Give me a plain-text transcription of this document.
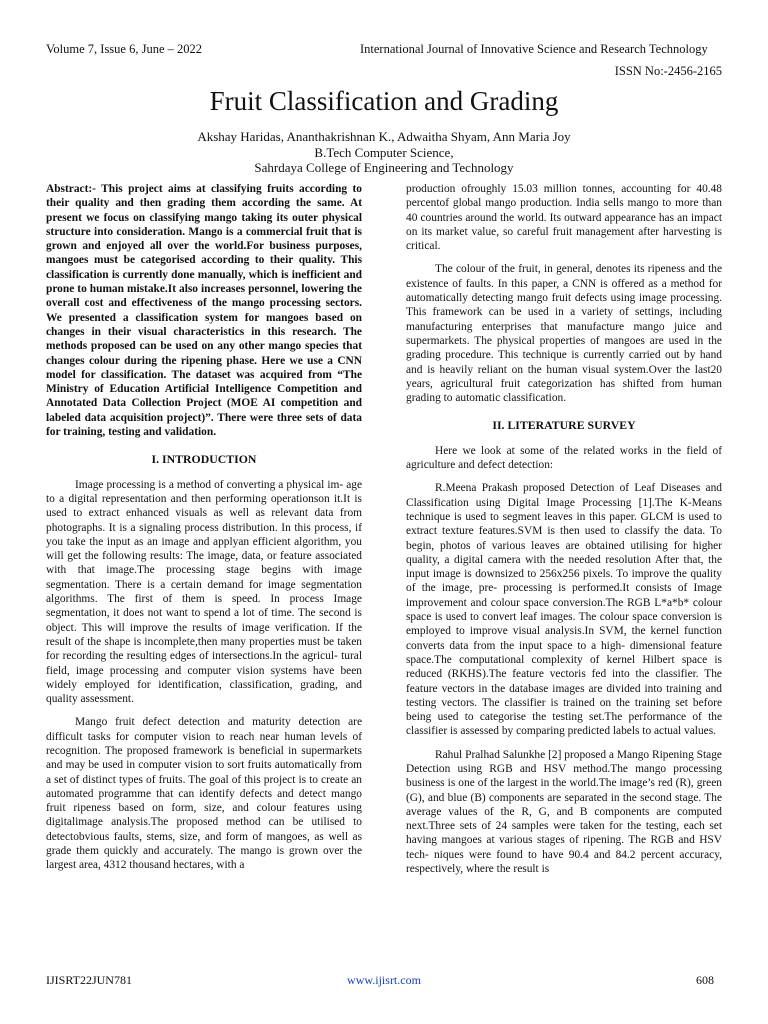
Volume 7, Issue 6, June – 2022	International Journal of Innovative Science and Research Technology
ISSN No:-2456-2165
Fruit Classification and Grading
Akshay Haridas, Ananthakrishnan K., Adwaitha Shyam, Ann Maria Joy
B.Tech Computer Science,
Sahrdaya College of Engineering and Technology

Abstract:- This project aims at classifying fruits according to their quality and then grading them according the same. At present we focus on classifying mango taking its outer physical structure into consideration. Mango is a commercial fruit that is grown and enjoyed all over the world.For business purposes, mangoes must be categorised according to their quality. This classification is currently done manually, which is inefficient and prone to human mistake.It also increases personnel, lowering the overall cost and effectiveness of the mango processing sectors. We presented a classification system for mangoes based on changes in their visual characteristics in this research. The methods proposed can be used on any other mango species that changes colour during the ripening phase. Here we use a CNN model for classification. The dataset was acquired from “The Ministry of Education Artificial Intelligence Competition and Annotated Data Collection Project (MOE AI competition and labeled data acquisition project)”. There were three sets of data for training, testing and validation.

I. INTRODUCTION

Image processing is a method of converting a physical im- age to a digital representation and then performing operationson it.It is used to extract enhanced visuals as well as relevant data from photographs. It is a signaling process distribution. In this process, if you take the input as an image and applyan efficient algorithm, you will get the following results: The image, data, or feature associated with that image.The processing stage begins with image segmentation. There is a certain demand for image segmentation algorithms. The first of them is speed. In process Image segmentation, it does not want to spend a lot of time. The second is object. This will improve the results of image verification. If the result of the shape is incomplete,then many properties must be taken for recording the resulting edges of intersections.In the agricul- tural field, image processing and computer vision systems have been widely employed for identification, classification, grading, and quality assessment.

Mango fruit defect detection and maturity detection are difficult tasks for computer vision to reach near human levels of recognition. The proposed framework is beneficial in supermarkets and may be used in computer vision to sort fruits automatically from a set of distinct types of fruits. The goal of this project is to create an automated programme that can identify defects and detect mango fruit ripeness based on form, size, and colour features using digitalimage analysis.The proposed method can be utilised to detectobvious faults, stems, size, and form of mangoes, as well as grade them quickly and accurately. The mango is grown over the largest area, 4312 thousand hectares, with a

production ofroughly 15.03 million tonnes, accounting for 40.48 percentof global mango production. India sells mango to more than 40 countries around the world. Its outward appearance has an impact on its market value, so careful fruit management after harvesting is critical.

The colour of the fruit, in general, denotes its ripeness and the existence of faults. In this paper, a CNN is offered as a method for automatically detecting mango fruit defects using image processing. This framework can be used in a variety of settings, including manufacturing enterprises that manufacture mango juice and supermarkets. The physical properties of mangoes are used in the grading procedure. This technique is currently carried out by hand and is heavily reliant on the human visual system.Over the last20 years, agricultural fruit categorization has shifted from human grading to automatic classification.

II. LITERATURE SURVEY

Here we look at some of the related works in the field of agriculture and defect detection:

R.Meena Prakash proposed Detection of Leaf Diseases and Classification using Digital Image Processing [1].The K-Means technique is used to segment leaves in this paper. GLCM is used to extract texture features.SVM is then used to classify the data. To begin, photos of various leaves are obtained utilising for higher quality, a digital camera with the needed resolution After that, the input image is downsized to 256x256 pixels. To improve the quality of the image, pre- processing is performed.It consists of Image improvement and colour space conversion.The RGB L*a*b* colour space is used to convert leaf images. The colour space conversion is employed to improve visual analysis.In SVM, the kernel function converts data from the input space to a high- dimensional feature space.The computational complexity of kernel Hilbert space is reduced (RKHS).The feature vectoris fed into the classifier. The feature vectors in the database images are divided into training and testing vectors. The classifier is trained on the training set before being used to categorise the testing set.The performance of the classifier is assessed by comparing predicted labels to actual values.

Rahul Pralhad Salunkhe [2] proposed a Mango Ripening Stage Detection using RGB and HSV method.The mango processing business is one of the largest in the world.The image’s red (R), green (G), and blue (B) components are separated in the second stage. The average values of the R, G, and B components are computed next.Three sets of 24 samples were taken for the testing, each set having mangoes at various stages of ripening. The RGB and HSV tech- niques were found to have 90.4 and 84.2 percent accuracy, respectively, where the result is

IJISRT22JUN781	www.ijisrt.com	608
